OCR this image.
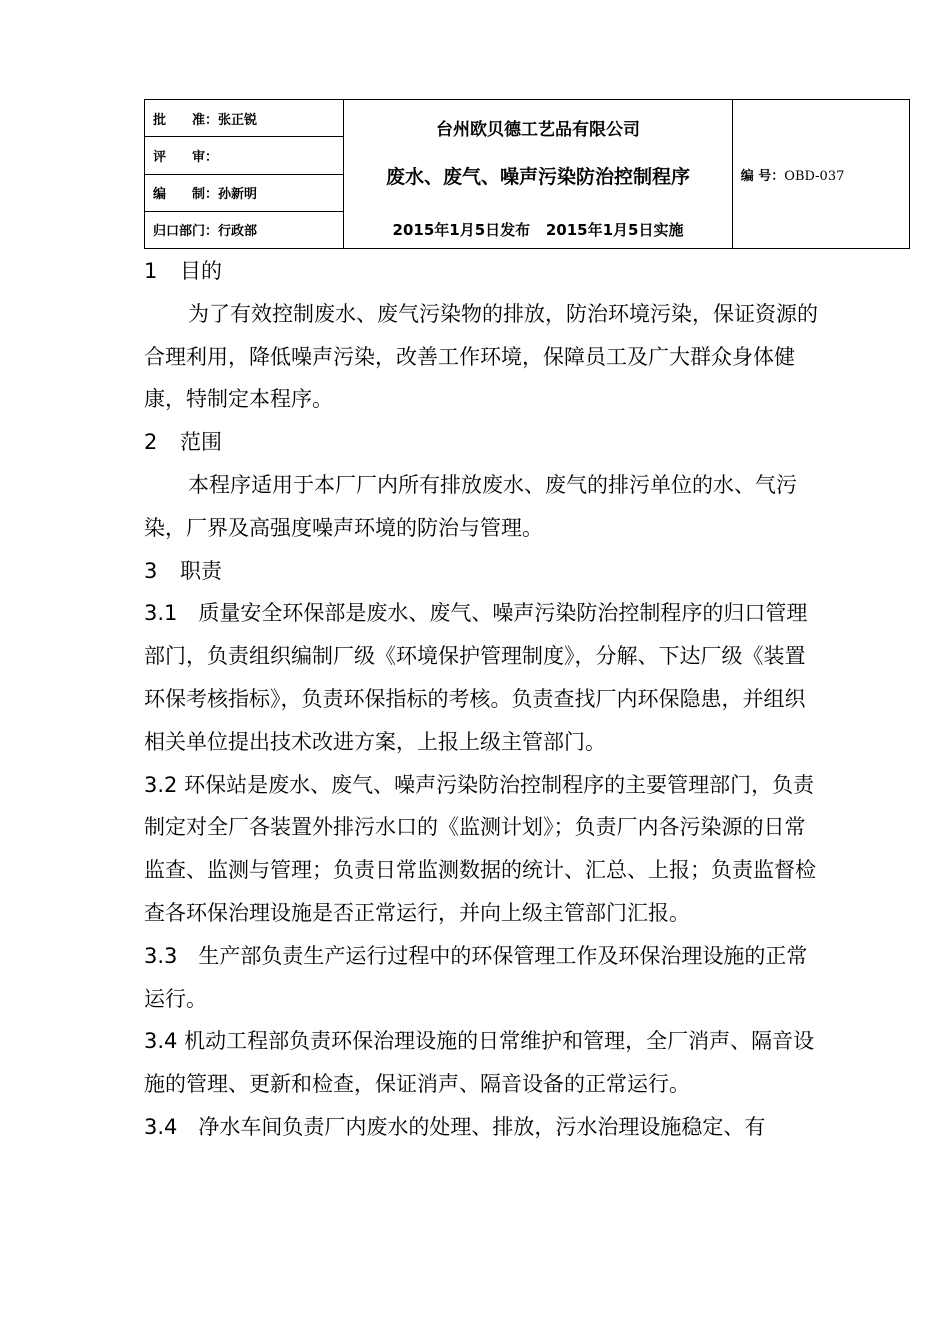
批　　准：张正锐	台州欧贝德工艺品有限公司
废水、废气、噪声污染防治控制程序
2015年1月5日发布 2015年1月5日实施
	编 号：OBD-037
评　　审：
编　　制：孙新明
归口部门：行政部

1 目的

为了有效控制废水、废气污染物的排放，防治环境污染，保证资源的合理利用，降低噪声污染，改善工作环境，保障员工及广大群众身体健康，特制定本程序。

2 范围

本程序适用于本厂厂内所有排放废水、废气的排污单位的水、气污染，厂界及高强度噪声环境的防治与管理。

3 职责

3.1　质量安全环保部是废水、废气、噪声污染防治控制程序的归口管理部门，负责组织编制厂级《环境保护管理制度》，分解、下达厂级《装置环保考核指标》，负责环保指标的考核。负责查找厂内环保隐患，并组织相关单位提出技术改进方案，上报上级主管部门。

3.2 环保站是废水、废气、噪声污染防治控制程序的主要管理部门，负责制定对全厂各装置外排污水口的《监测计划》；负责厂内各污染源的日常监查、监测与管理；负责日常监测数据的统计、汇总、上报；负责监督检查各环保治理设施是否正常运行，并向上级主管部门汇报。

3.3　生产部负责生产运行过程中的环保管理工作及环保治理设施的正常运行。

3.4 机动工程部负责环保治理设施的日常维护和管理，全厂消声、隔音设施的管理、更新和检查，保证消声、隔音设备的正常运行。

3.4　净水车间负责厂内废水的处理、排放，污水治理设施稳定、有
